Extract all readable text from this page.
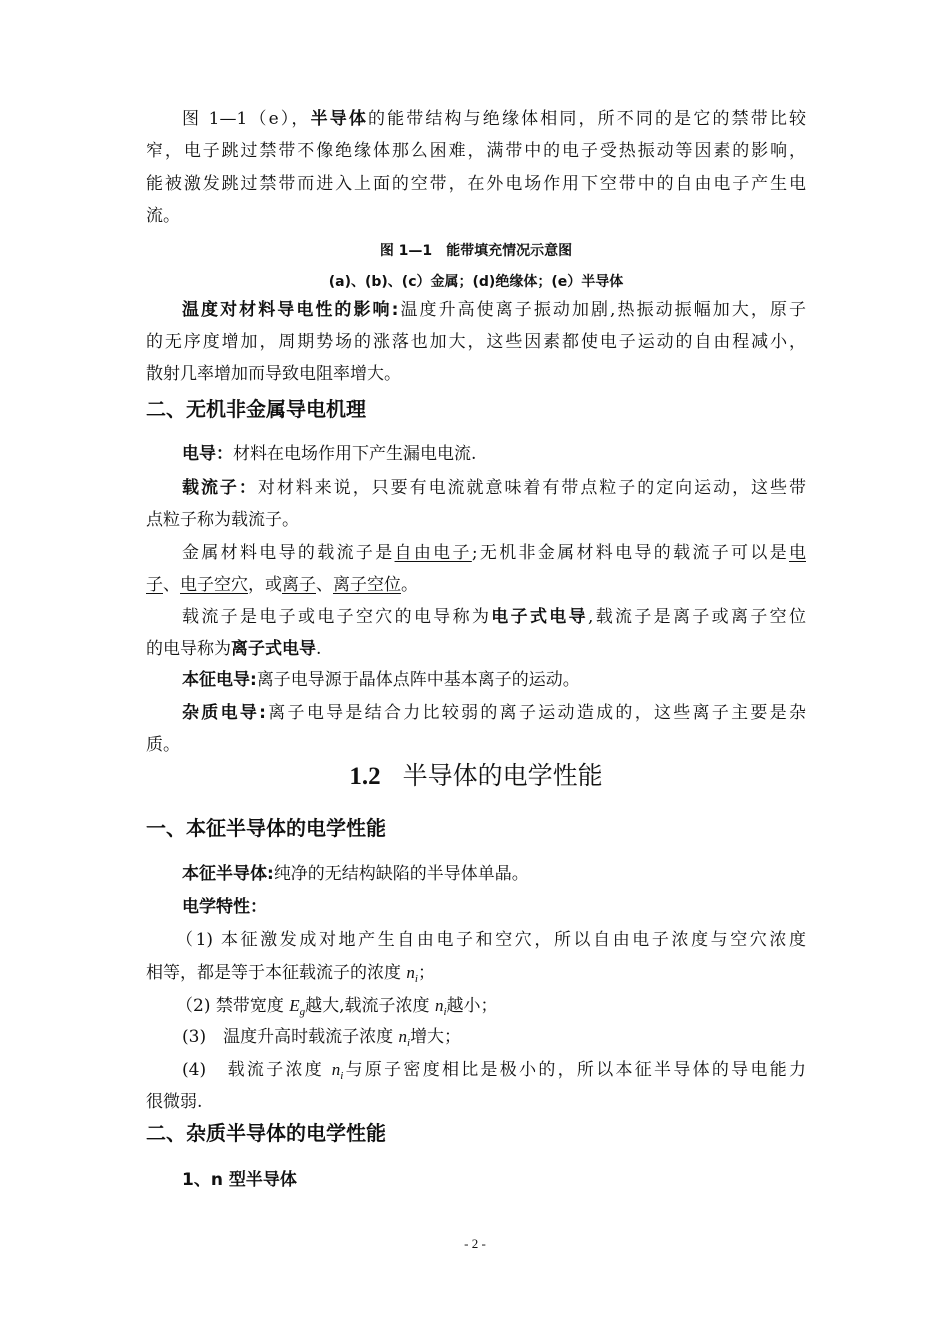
图 1—1（e），半导体的能带结构与绝缘体相同，所不同的是它的禁带比较
窄，电子跳过禁带不像绝缘体那么困难，满带中的电子受热振动等因素的影响，
能被激发跳过禁带而进入上面的空带，在外电场作用下空带中的自由电子产生电
流。
图 1—1　能带填充情况示意图
(a)、(b)、(c）金属；(d)绝缘体；(e）半导体
温度对材料导电性的影响:温度升高使离子振动加剧,热振动振幅加大，原子
的无序度增加，周期势场的涨落也加大，这些因素都使电子运动的自由程减小，
散射几率增加而导致电阻率增大。
二、无机非金属导电机理
电导：材料在电场作用下产生漏电电流.
载流子：对材料来说，只要有电流就意味着有带点粒子的定向运动，这些带
点粒子称为载流子。
金属材料电导的载流子是自由电子;无机非金属材料电导的载流子可以是电
子、电子空穴，或离子、离子空位。
载流子是电子或电子空穴的电导称为电子式电导,载流子是离子或离子空位
的电导称为离子式电导.
本征电导:离子电导源于晶体点阵中基本离子的运动。
杂质电导:离子电导是结合力比较弱的离子运动造成的，这些离子主要是杂
质。
1.2 半导体的电学性能
一、本征半导体的电学性能
本征半导体:纯净的无结构缺陷的半导体单晶。
电学特性：
（1) 本征激发成对地产生自由电子和空穴，所以自由电子浓度与空穴浓度
相等，都是等于本征载流子的浓度 $n_i$；
（2) 禁带宽度 $E_g$越大,载流子浓度 $n_i$越小；
(3)　温度升高时载流子浓度 $n_i$增大；
(4)　载流子浓度 $n_i$与原子密度相比是极小的，所以本征半导体的导电能力
很微弱.
二、杂质半导体的电学性能
1、n 型半导体
- 2 -
